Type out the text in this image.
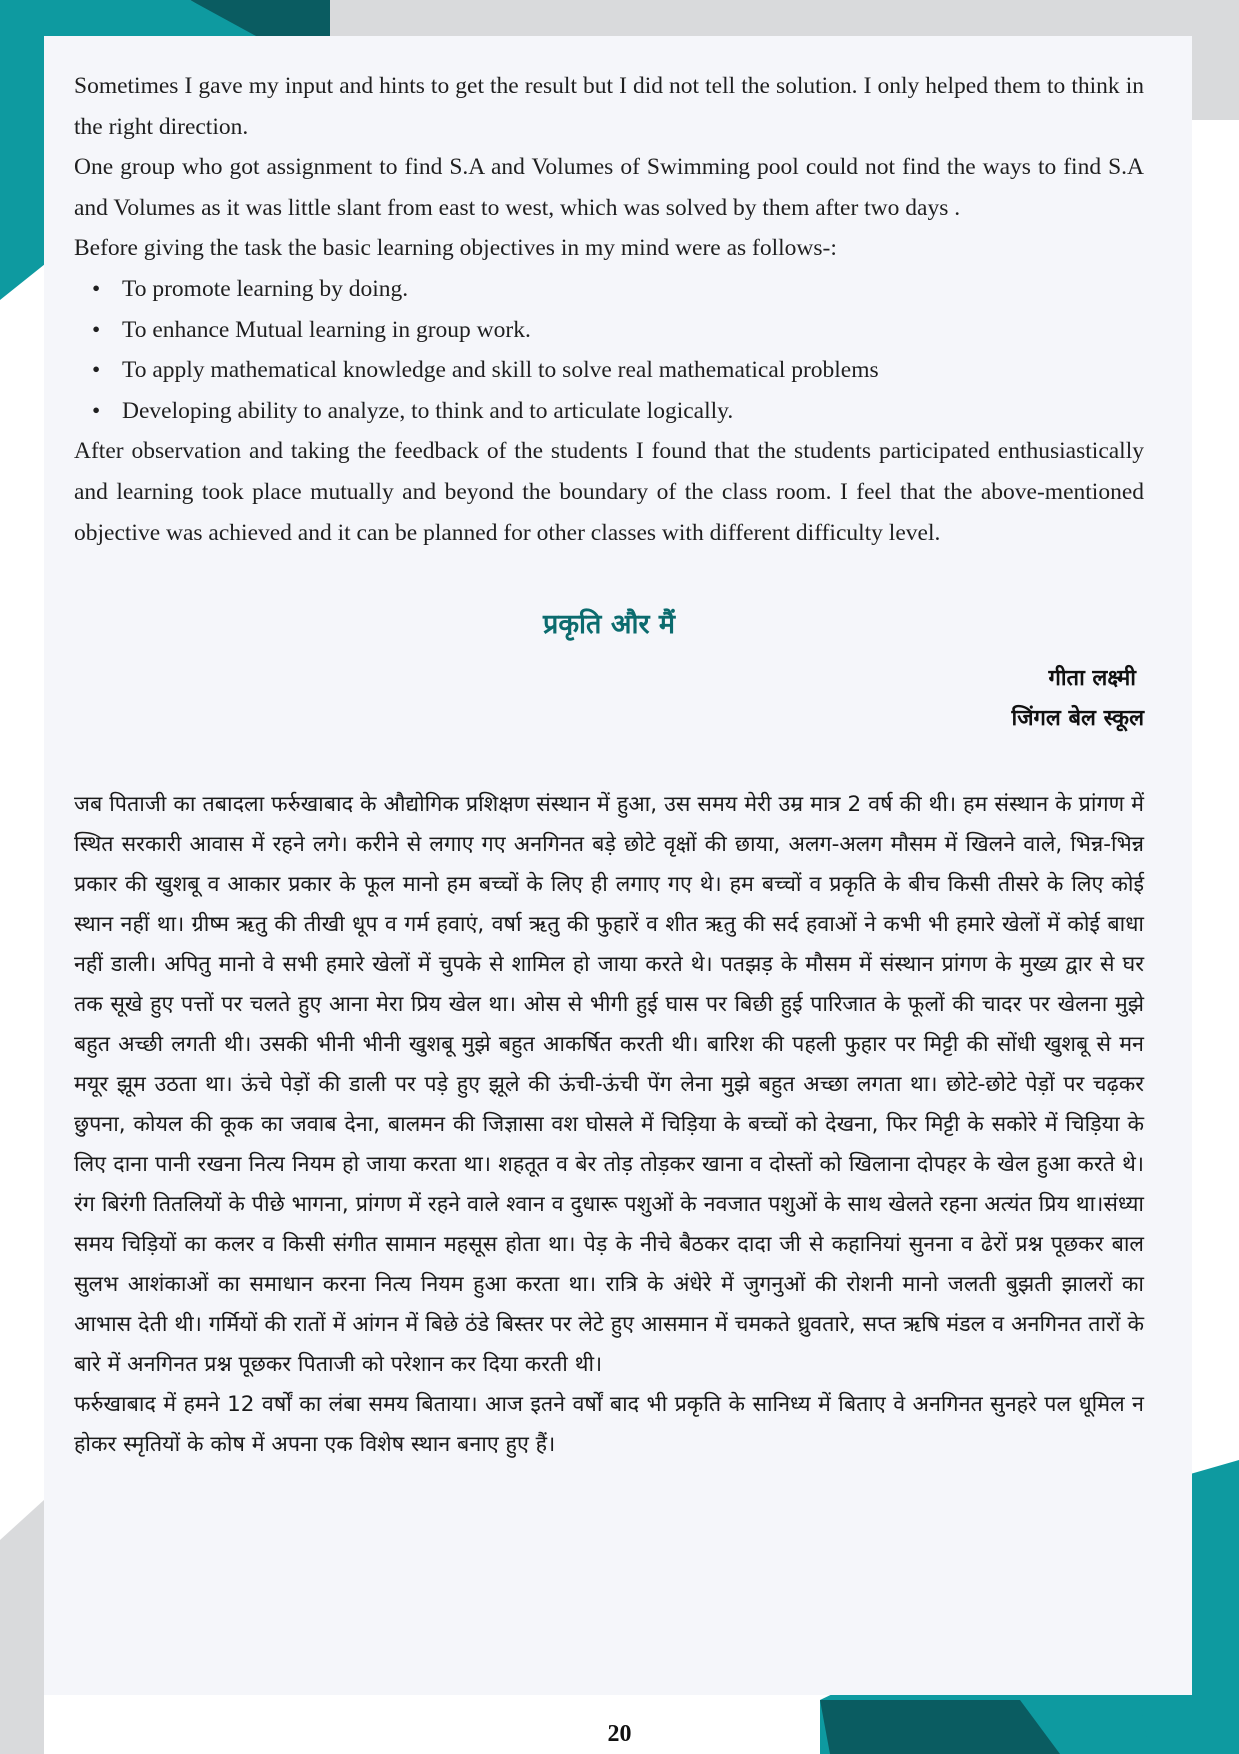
Sometimes I gave my input and hints to get the result but I did not tell the solution. I only helped them to think in the right direction.

One group who got assignment to find S.A and Volumes of Swimming pool could not find the ways to find S.A and Volumes as it was little slant from east to west, which was solved by them after two days .

Before giving the task the basic learning objectives in my mind were as follows-:

• To promote learning by doing.
• To enhance Mutual learning in group work.
• To apply mathematical knowledge and skill to solve real mathematical problems
• Developing ability to analyze, to think and to articulate logically.

After observation and taking the feedback of the students I found that the students participated enthusiastically and learning took place mutually and beyond the boundary of the class room. I feel that the above-mentioned objective was achieved and it can be planned for other classes with different difficulty level.

प्रकृति और मैं
गीता लक्ष्मी
जिंगल बेल स्कूल

जब पिताजी का तबादला फर्रुखाबाद के औद्योगिक प्रशिक्षण संस्थान में हुआ, उस समय मेरी उम्र मात्र 2 वर्ष की थी। हम संस्थान के प्रांगण में स्थित सरकारी आवास में रहने लगे। करीने से लगाए गए अनगिनत बड़े छोटे वृक्षों की छाया, अलग-अलग मौसम में खिलने वाले, भिन्न-भिन्न प्रकार की खुशबू व आकार प्रकार के फूल मानो हम बच्चों के लिए ही लगाए गए थे। हम बच्चों व प्रकृति के बीच किसी तीसरे के लिए कोई स्थान नहीं था। ग्रीष्म ऋतु की तीखी धूप व गर्म हवाएं, वर्षा ऋतु की फुहारें व शीत ऋतु की सर्द हवाओं ने कभी भी हमारे खेलों में कोई बाधा नहीं डाली। अपितु मानो वे सभी हमारे खेलों में चुपके से शामिल हो जाया करते थे। पतझड़ के मौसम में संस्थान प्रांगण के मुख्य द्वार से घर तक सूखे हुए पत्तों पर चलते हुए आना मेरा प्रिय खेल था। ओस से भीगी हुई घास पर बिछी हुई पारिजात के फूलों की चादर पर खेलना मुझे बहुत अच्छी लगती थी। उसकी भीनी भीनी खुशबू मुझे बहुत आकर्षित करती थी। बारिश की पहली फुहार पर मिट्टी की सोंधी खुशबू से मन मयूर झूम उठता था। ऊंचे पेड़ों की डाली पर पड़े हुए झूले की ऊंची-ऊंची पेंग लेना मुझे बहुत अच्छा लगता था। छोटे-छोटे पेड़ों पर चढ़कर छुपना, कोयल की कूक का जवाब देना, बालमन की जिज्ञासा वश घोसले में चिड़िया के बच्चों को देखना, फिर मिट्टी के सकोरे में चिड़िया के लिए दाना पानी रखना नित्य नियम हो जाया करता था। शहतूत व बेर तोड़ तोड़कर खाना व दोस्तों को खिलाना दोपहर के खेल हुआ करते थे।रंग बिरंगी तितलियों के पीछे भागना, प्रांगण में रहने वाले श्वान व दुधारू पशुओं के नवजात पशुओं के साथ खेलते रहना अत्यंत प्रिय था।संध्या समय चिड़ियों का कलर व किसी संगीत सामान महसूस होता था। पेड़ के नीचे बैठकर दादा जी से कहानियां सुनना व ढेरों प्रश्न पूछकर बाल सुलभ आशंकाओं का समाधान करना नित्य नियम हुआ करता था। रात्रि के अंधेरे में जुगनुओं की रोशनी मानो जलती बुझती झालरों का आभास देती थी। गर्मियों की रातों में आंगन में बिछे ठंडे बिस्तर पर लेटे हुए आसमान में चमकते ध्रुवतारे, सप्त ऋषि मंडल व अनगिनत तारों के बारे में अनगिनत प्रश्न पूछकर पिताजी को परेशान कर दिया करती थी।

फर्रुखाबाद में हमने 12 वर्षों का लंबा समय बिताया। आज इतने वर्षों बाद भी प्रकृति के सानिध्य में बिताए वे अनगिनत सुनहरे पल धूमिल न होकर स्मृतियों के कोष में अपना एक विशेष स्थान बनाए हुए हैं।

20
